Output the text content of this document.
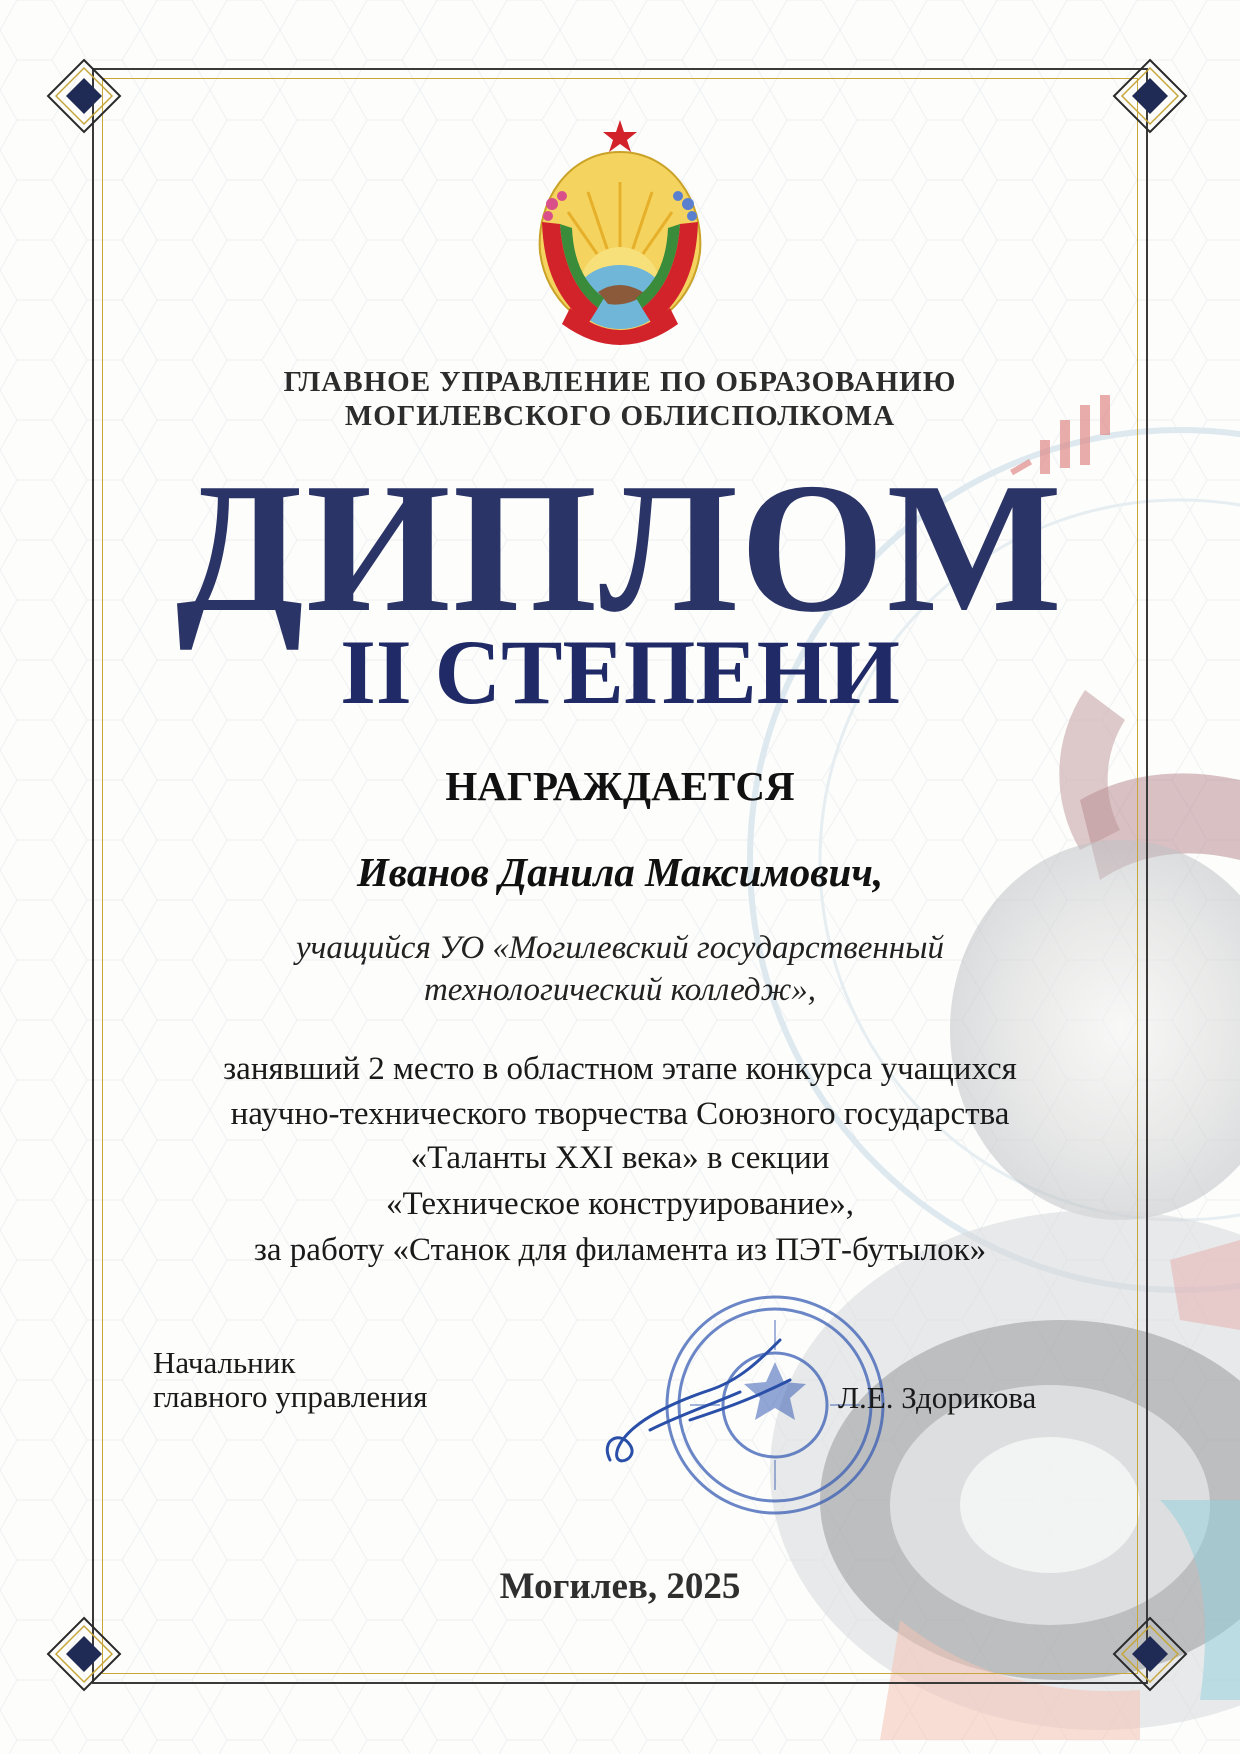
ГЛАВНОЕ УПРАВЛЕНИЕ ПО ОБРАЗОВАНИЮ
МОГИЛЕВСКОГО ОБЛИСПОЛКОМА
ДИПЛОМ
II СТЕПЕНИ
НАГРАЖДАЕТСЯ
Иванов Данила Максимович,
учащийся УО «Могилевский государственный
технологический колледж»,
занявший 2 место в областном этапе конкурса учащихся
научно-технического творчества Союзного государства
«Таланты XXI века» в секции
«Техническое конструирование»,
за работу «Станок для филамента из ПЭТ-бутылок»
Начальник
главного управления	Л.Е. Здорикова
Могилев, 2025
